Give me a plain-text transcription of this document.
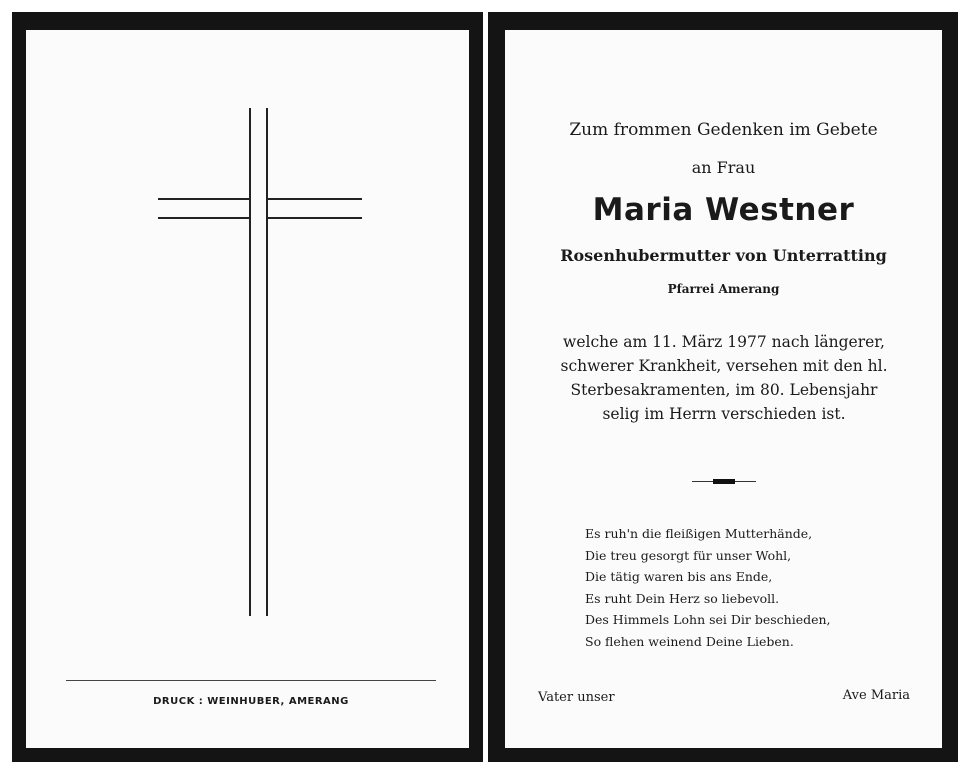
DRUCK : WEINHUBER, AMERANG
Zum frommen Gedenken im Gebete
an Frau
Maria Westner
Rosenhubermutter von Unterratting
Pfarrei Amerang
welche am 11. März 1977 nach längerer,
schwerer Krankheit, versehen mit den hl.
Sterbesakramenten, im 80. Lebensjahr
selig im Herrn verschieden ist.
Es ruh'n die fleißigen Mutterhände,
Die treu gesorgt für unser Wohl,
Die tätig waren bis ans Ende,
Es ruht Dein Herz so liebevoll.
Des Himmels Lohn sei Dir beschieden,
So flehen weinend Deine Lieben.
Vater unser	Ave Maria
